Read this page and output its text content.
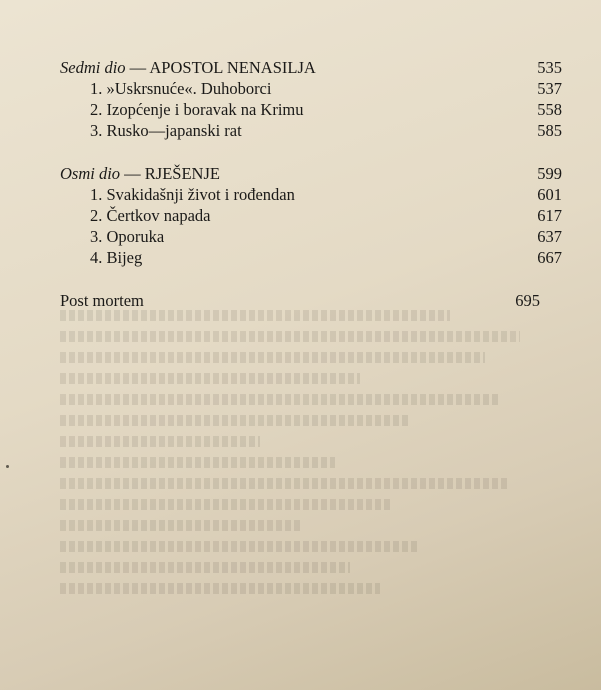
Sedmi dio — APOSTOL NENASILJA	535
1. »Uskrsnuće«. Duhoborci	537
2. Izopćenje i boravak na Krimu	558
3. Rusko—japanski rat	585
Osmi dio — RJEŠENJE	599
1. Svakidašnji život i rođendan	601
2. Čertkov napada	617
3. Oporuka	637
4. Bijeg	667
Post mortem	695
